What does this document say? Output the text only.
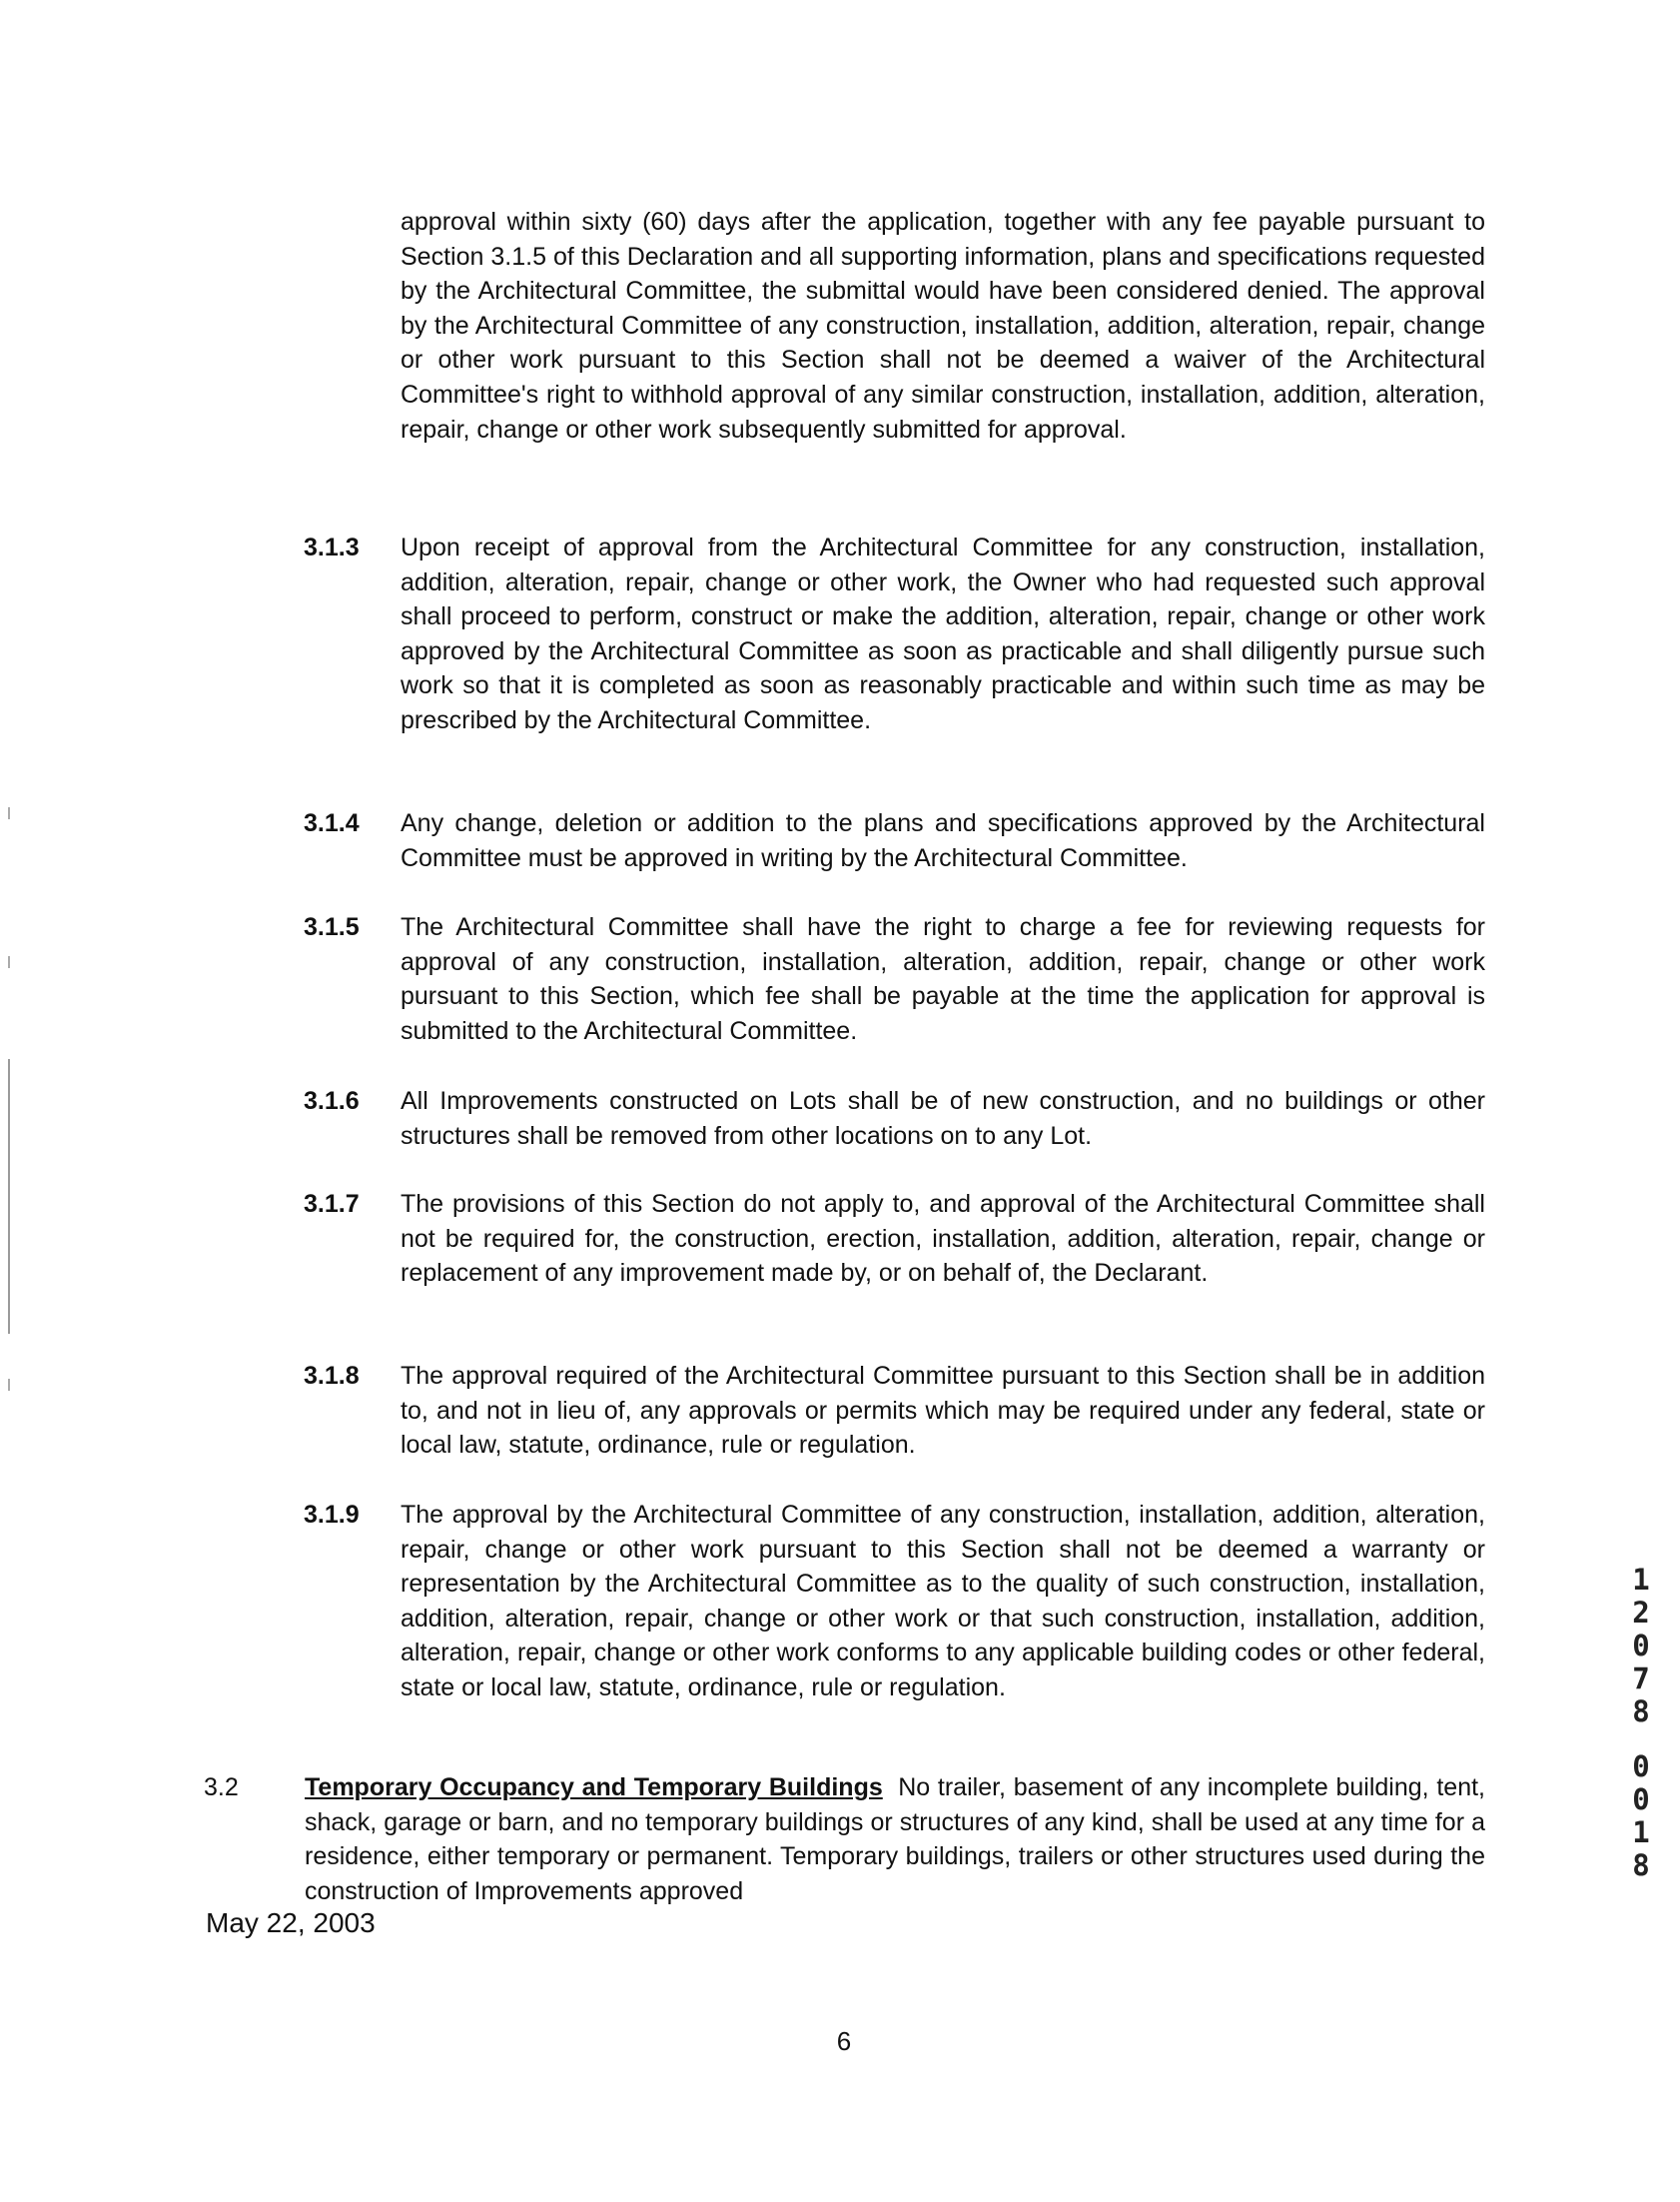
approval within sixty (60) days after the application, together with any fee payable pursuant to Section 3.1.5 of this Declaration and all supporting information, plans and specifications requested by the Architectural Committee, the submittal would have been considered denied. The approval by the Architectural Committee of any construction, installation, addition, alteration, repair, change or other work pursuant to this Section shall not be deemed a waiver of the Architectural Committee's right to withhold approval of any similar construction, installation, addition, alteration, repair, change or other work subsequently submitted for approval.

3.1.3 Upon receipt of approval from the Architectural Committee for any construction, installation, addition, alteration, repair, change or other work, the Owner who had requested such approval shall proceed to perform, construct or make the addition, alteration, repair, change or other work approved by the Architectural Committee as soon as practicable and shall diligently pursue such work so that it is completed as soon as reasonably practicable and within such time as may be prescribed by the Architectural Committee.

3.1.4 Any change, deletion or addition to the plans and specifications approved by the Architectural Committee must be approved in writing by the Architectural Committee.

3.1.5 The Architectural Committee shall have the right to charge a fee for reviewing requests for approval of any construction, installation, alteration, addition, repair, change or other work pursuant to this Section, which fee shall be payable at the time the application for approval is submitted to the Architectural Committee.

3.1.6 All Improvements constructed on Lots shall be of new construction, and no buildings or other structures shall be removed from other locations on to any Lot.

3.1.7 The provisions of this Section do not apply to, and approval of the Architectural Committee shall not be required for, the construction, erection, installation, addition, alteration, repair, change or replacement of any improvement made by, or on behalf of, the Declarant.

3.1.8 The approval required of the Architectural Committee pursuant to this Section shall be in addition to, and not in lieu of, any approvals or permits which may be required under any federal, state or local law, statute, ordinance, rule or regulation.

3.1.9 The approval by the Architectural Committee of any construction, installation, addition, alteration, repair, change or other work pursuant to this Section shall not be deemed a warranty or representation by the Architectural Committee as to the quality of such construction, installation, addition, alteration, repair, change or other work or that such construction, installation, addition, alteration, repair, change or other work conforms to any applicable building codes or other federal, state or local law, statute, ordinance, rule or regulation.

3.2	Temporary Occupancy and Temporary Buildings No trailer, basement of any incomplete building, tent, shack, garage or barn, and no temporary buildings or structures of any kind, shall be used at any time for a residence, either temporary or permanent. Temporary buildings, trailers or other structures used during the construction of Improvements approved

May 22, 2003
6
1
2
0
7
8
0
0
1
8
